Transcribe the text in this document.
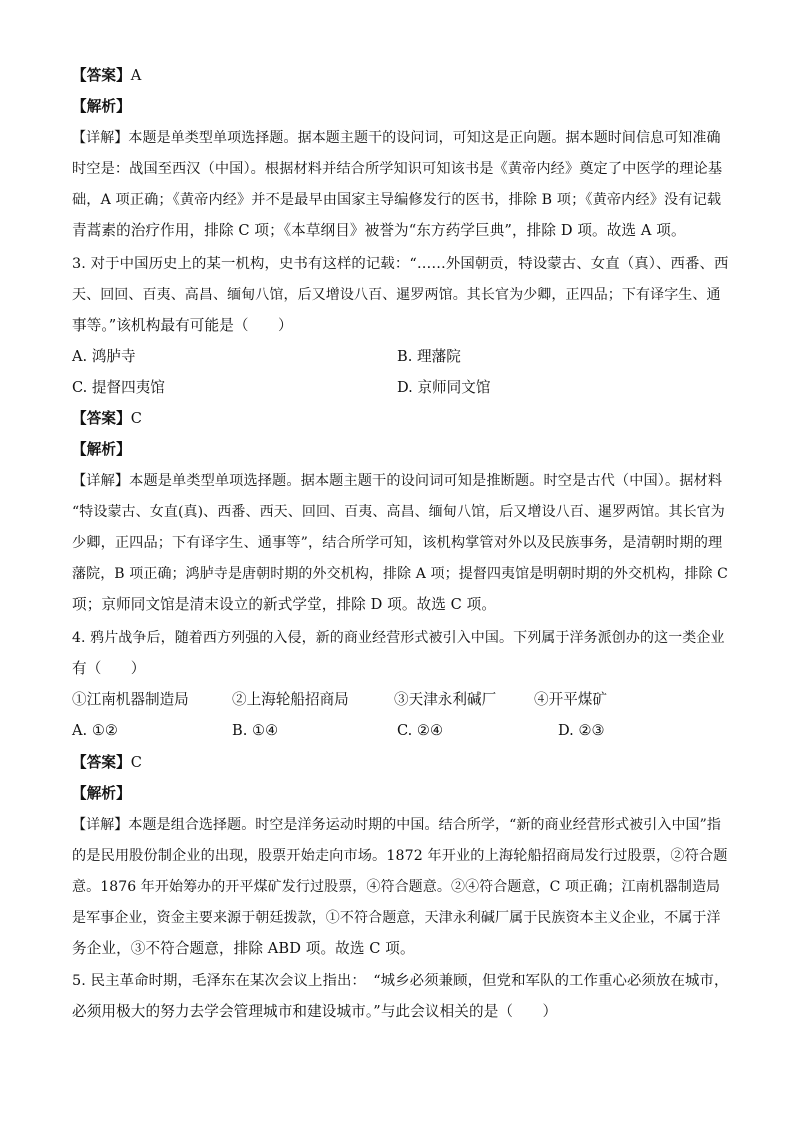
【答案】A
【解析】
【详解】本题是单类型单项选择题。据本题主题干的设问词，可知这是正向题。据本题时间信息可知准确
时空是：战国至西汉（中国）。根据材料并结合所学知识可知该书是《黄帝内经》奠定了中医学的理论基
础，A 项正确；《黄帝内经》并不是最早由国家主导编修发行的医书，排除 B 项；《黄帝内经》没有记载
青蒿素的治疗作用，排除 C 项；《本草纲目》被誉为“东方药学巨典”，排除 D 项。故选 A 项。
3. 对于中国历史上的某一机构，史书有这样的记载：“……外国朝贡，特设蒙古、女直（真）、西番、西
天、回回、百夷、高昌、缅甸八馆，后又增设八百、暹罗两馆。其长官为少卿，正四品；下有译字生、通
事等。”该机构最有可能是（　　）
A. 鸿胪寺	B. 理藩院
C. 提督四夷馆	D. 京师同文馆
【答案】C
【解析】
【详解】本题是单类型单项选择题。据本题主题干的设问词可知是推断题。时空是古代（中国）。据材料
“特设蒙古、女直(真)、西番、西天、回回、百夷、高昌、缅甸八馆，后又增设八百、暹罗两馆。其长官为
少卿，正四品；下有译字生、通事等”，结合所学可知，该机构掌管对外以及民族事务，是清朝时期的理
藩院，B 项正确；鸿胪寺是唐朝时期的外交机构，排除 A 项；提督四夷馆是明朝时期的外交机构，排除 C
项；京师同文馆是清末设立的新式学堂，排除 D 项。故选 C 项。
4. 鸦片战争后，随着西方列强的入侵，新的商业经营形式被引入中国。下列属于洋务派创办的这一类企业
有（　　）
①江南机器制造局	②上海轮船招商局	③天津永利碱厂	④开平煤矿
A. ①②	B. ①④	C. ②④	D. ②③
【答案】C
【解析】
【详解】本题是组合选择题。时空是洋务运动时期的中国。结合所学，“新的商业经营形式被引入中国”指
的是民用股份制企业的出现，股票开始走向市场。1872 年开业的上海轮船招商局发行过股票，②符合题
意。1876 年开始筹办的开平煤矿发行过股票，④符合题意。②④符合题意，C 项正确；江南机器制造局
是军事企业，资金主要来源于朝廷拨款，①不符合题意，天津永利碱厂属于民族资本主义企业，不属于洋
务企业，③不符合题意，排除 ABD 项。故选 C 项。
5. 民主革命时期，毛泽东在某次会议上指出：　“城乡必须兼顾，但党和军队的工作重心必须放在城市，
必须用极大的努力去学会管理城市和建设城市。”与此会议相关的是（　　）
